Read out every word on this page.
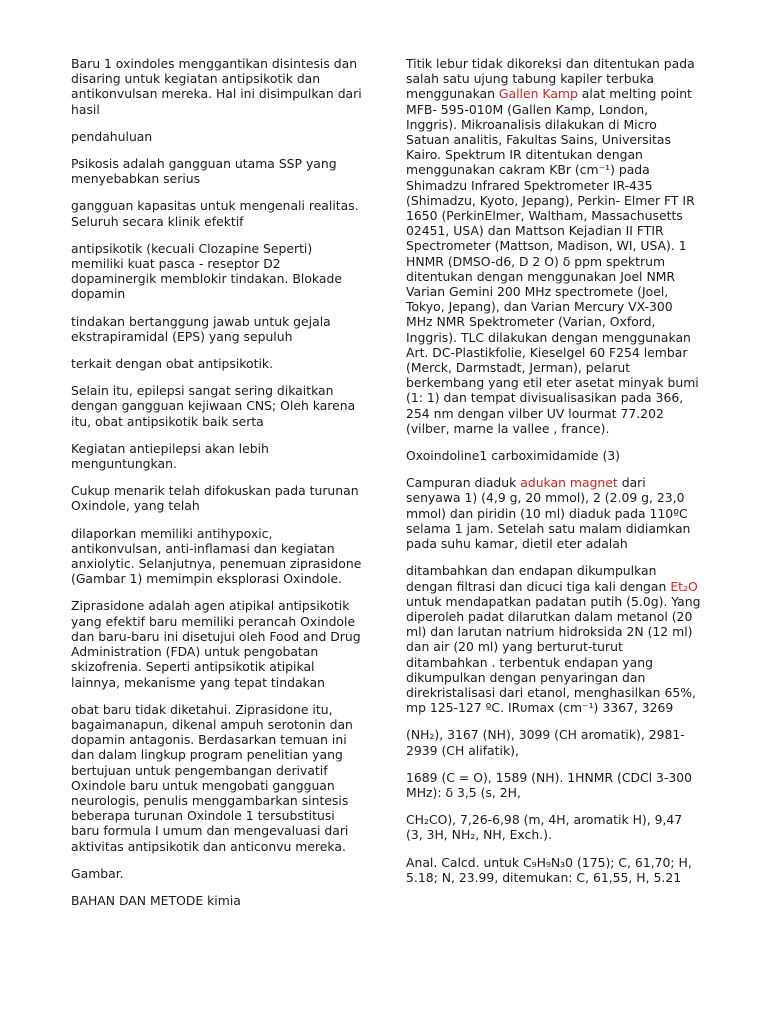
Baru 1 oxindoles menggantikan disintesis dan disaring untuk kegiatan antipsikotik dan antikonvulsan mereka. Hal ini disimpulkan dari hasil

pendahuluan

Psikosis adalah gangguan utama SSP yang menyebabkan serius

gangguan kapasitas untuk mengenali realitas. Seluruh secara klinik efektif

antipsikotik (kecuali Clozapine Seperti) memiliki kuat pasca - reseptor D2 dopaminergik memblokir tindakan. Blokade dopamin

tindakan bertanggung jawab untuk gejala ekstrapiramidal (EPS) yang sepuluh

terkait dengan obat antipsikotik.

Selain itu, epilepsi sangat sering dikaitkan dengan gangguan kejiwaan CNS; Oleh karena itu, obat antipsikotik baik serta

Kegiatan antiepilepsi akan lebih menguntungkan.

Cukup menarik telah difokuskan pada turunan Oxindole, yang telah

dilaporkan memiliki antihypoxic, antikonvulsan, anti-inflamasi dan kegiatan anxiolytic. Selanjutnya, penemuan ziprasidone (Gambar 1) memimpin eksplorasi Oxindole.

Ziprasidone adalah agen atipikal antipsikotik yang efektif baru memiliki perancah Oxindole dan baru-baru ini disetujui oleh Food and Drug Administration (FDA) untuk pengobatan skizofrenia. Seperti antipsikotik atipikal lainnya, mekanisme yang tepat tindakan

obat baru tidak diketahui. Ziprasidone itu, bagaimanapun, dikenal ampuh serotonin dan dopamin antagonis. Berdasarkan temuan ini dan dalam lingkup program penelitian yang bertujuan untuk pengembangan derivatif Oxindole baru untuk mengobati gangguan neurologis, penulis menggambarkan sintesis beberapa turunan Oxindole 1 tersubstitusi baru formula I umum dan mengevaluasi dari aktivitas antipsikotik dan anticonvu mereka.

Gambar.

BAHAN DAN METODE kimia

Titik lebur tidak dikoreksi dan ditentukan pada salah satu ujung tabung kapiler terbuka menggunakan Gallen Kamp alat melting point MFB- 595-010M (Gallen Kamp, London, Inggris). Mikroanalisis dilakukan di Micro Satuan analitis, Fakultas Sains, Universitas Kairo. Spektrum IR ditentukan dengan menggunakan cakram KBr (cm⁻¹) pada Shimadzu Infrared Spektrometer IR-435 (Shimadzu, Kyoto, Jepang), Perkin- Elmer FT IR 1650 (PerkinElmer, Waltham, Massachusetts 02451, USA) dan Mattson Kejadian II FTIR Spectrometer (Mattson, Madison, WI, USA). 1 HNMR (DMSO-d6, D 2 O) δ ppm spektrum ditentukan dengan menggunakan Joel NMR Varian Gemini 200 MHz spectromete (Joel, Tokyo, Jepang), dan Varian Mercury VX-300 MHz NMR Spektrometer (Varian, Oxford, Inggris). TLC dilakukan dengan menggunakan Art. DC-Plastikfolie, Kieselgel 60 F254 lembar (Merck, Darmstadt, Jerman), pelarut berkembang yang etil eter asetat minyak bumi (1: 1) dan tempat divisualisasikan pada 366, 254 nm dengan vilber UV lourmat 77.202 (vilber, marne la vallee , france).

Oxoindoline1 carboximidamide (3)

Campuran diaduk adukan magnet dari senyawa 1) (4,9 g, 20 mmol), 2 (2.09 g, 23,0 mmol) dan piridin (10 ml) diaduk pada 110ºC selama 1 jam. Setelah satu malam didiamkan pada suhu kamar, dietil eter adalah

ditambahkan dan endapan dikumpulkan dengan filtrasi dan dicuci tiga kali dengan Et₂O untuk mendapatkan padatan putih (5.0g). Yang diperoleh padat dilarutkan dalam metanol (20 ml) dan larutan natrium hidroksida 2N (12 ml) dan air (20 ml) yang berturut-turut ditambahkan . terbentuk endapan yang dikumpulkan dengan penyaringan dan direkristalisasi dari etanol, menghasilkan 65%, mp 125-127 ºC. IRυmax (cm⁻¹) 3367, 3269

(NH₂), 3167 (NH), 3099 (CH aromatik), 2981-2939 (CH alifatik),

1689 (C = O), 1589 (NH). 1HNMR (CDCl 3-300 MHz): δ 3,5 (s, 2H,

CH₂CO), 7,26-6,98 (m, 4H, aromatik H), 9,47 (3, 3H, NH₂, NH, Exch.).

Anal. Calcd. untuk C₉H₉N₃0 (175); C, 61,70; H, 5.18; N, 23.99, ditemukan: C, 61,55, H, 5.21
